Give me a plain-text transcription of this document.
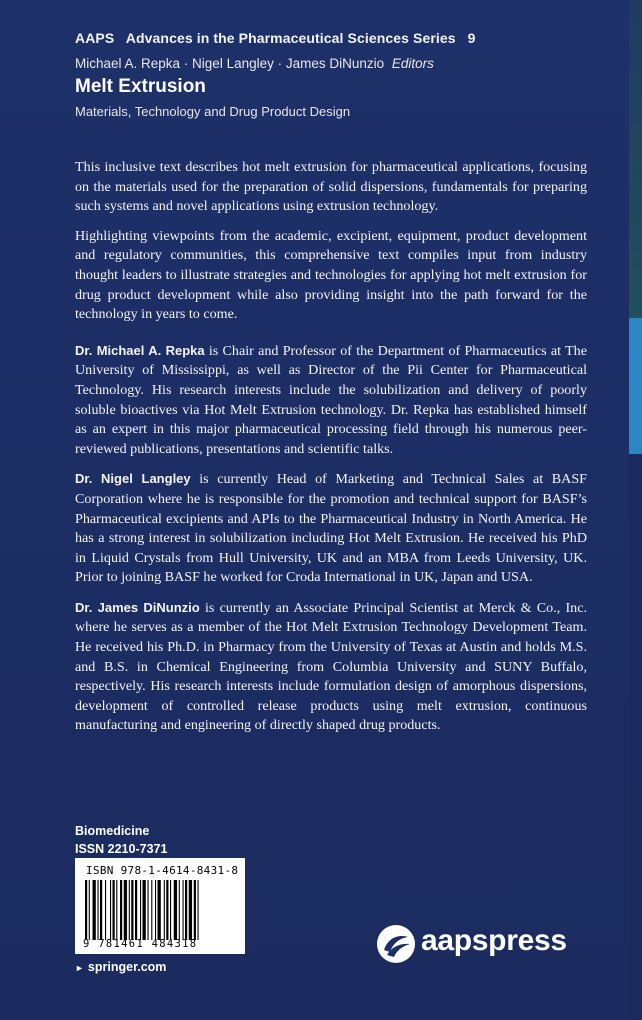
AAPS Advances in the Pharmaceutical Sciences Series 9
Michael A. Repka · Nigel Langley · James DiNunzio Editors
Melt Extrusion
Materials, Technology and Drug Product Design

This inclusive text describes hot melt extrusion for pharmaceutical applications, focusing on the materials used for the preparation of solid dispersions, fundamentals for preparing such systems and novel applications using extrusion technology.

Highlighting viewpoints from the academic, excipient, equipment, product development and regulatory communities, this comprehensive text compiles input from industry thought leaders to illustrate strategies and technologies for applying hot melt extrusion for drug product development while also providing insight into the path forward for the technology in years to come.

Dr. Michael A. Repka is Chair and Professor of the Department of Pharmaceutics at The University of Mississippi, as well as Director of the Pii Center for Pharmaceutical Technology. His research interests include the solubilization and delivery of poorly soluble bioactives via Hot Melt Extrusion technology. Dr. Repka has established himself as an expert in this major pharmaceutical processing field through his numerous peer-reviewed publications, presentations and scientific talks.

Dr. Nigel Langley is currently Head of Marketing and Technical Sales at BASF Corporation where he is responsible for the promotion and technical support for BASF’s Pharmaceutical excipients and APIs to the Pharmaceutical Industry in North America. He has a strong interest in solubilization including Hot Melt Extrusion. He received his PhD in Liquid Crystals from Hull University, UK and an MBA from Leeds University, UK. Prior to joining BASF he worked for Croda International in UK, Japan and USA.

Dr. James DiNunzio is currently an Associate Principal Scientist at Merck & Co., Inc. where he serves as a member of the Hot Melt Extrusion Technology Development Team. He received his Ph.D. in Pharmacy from the University of Texas at Austin and holds M.S. and B.S. in Chemical Engineering from Columbia University and SUNY Buffalo, respectively. His research interests include formulation design of amorphous dispersions, development of controlled release products using melt extrusion, continuous manufacturing and engineering of directly shaped drug products.

Biomedicine
ISSN 2210-7371
ISBN 978-1-4614-8431-8
9 781461 484318
► springer.com
aapspress
